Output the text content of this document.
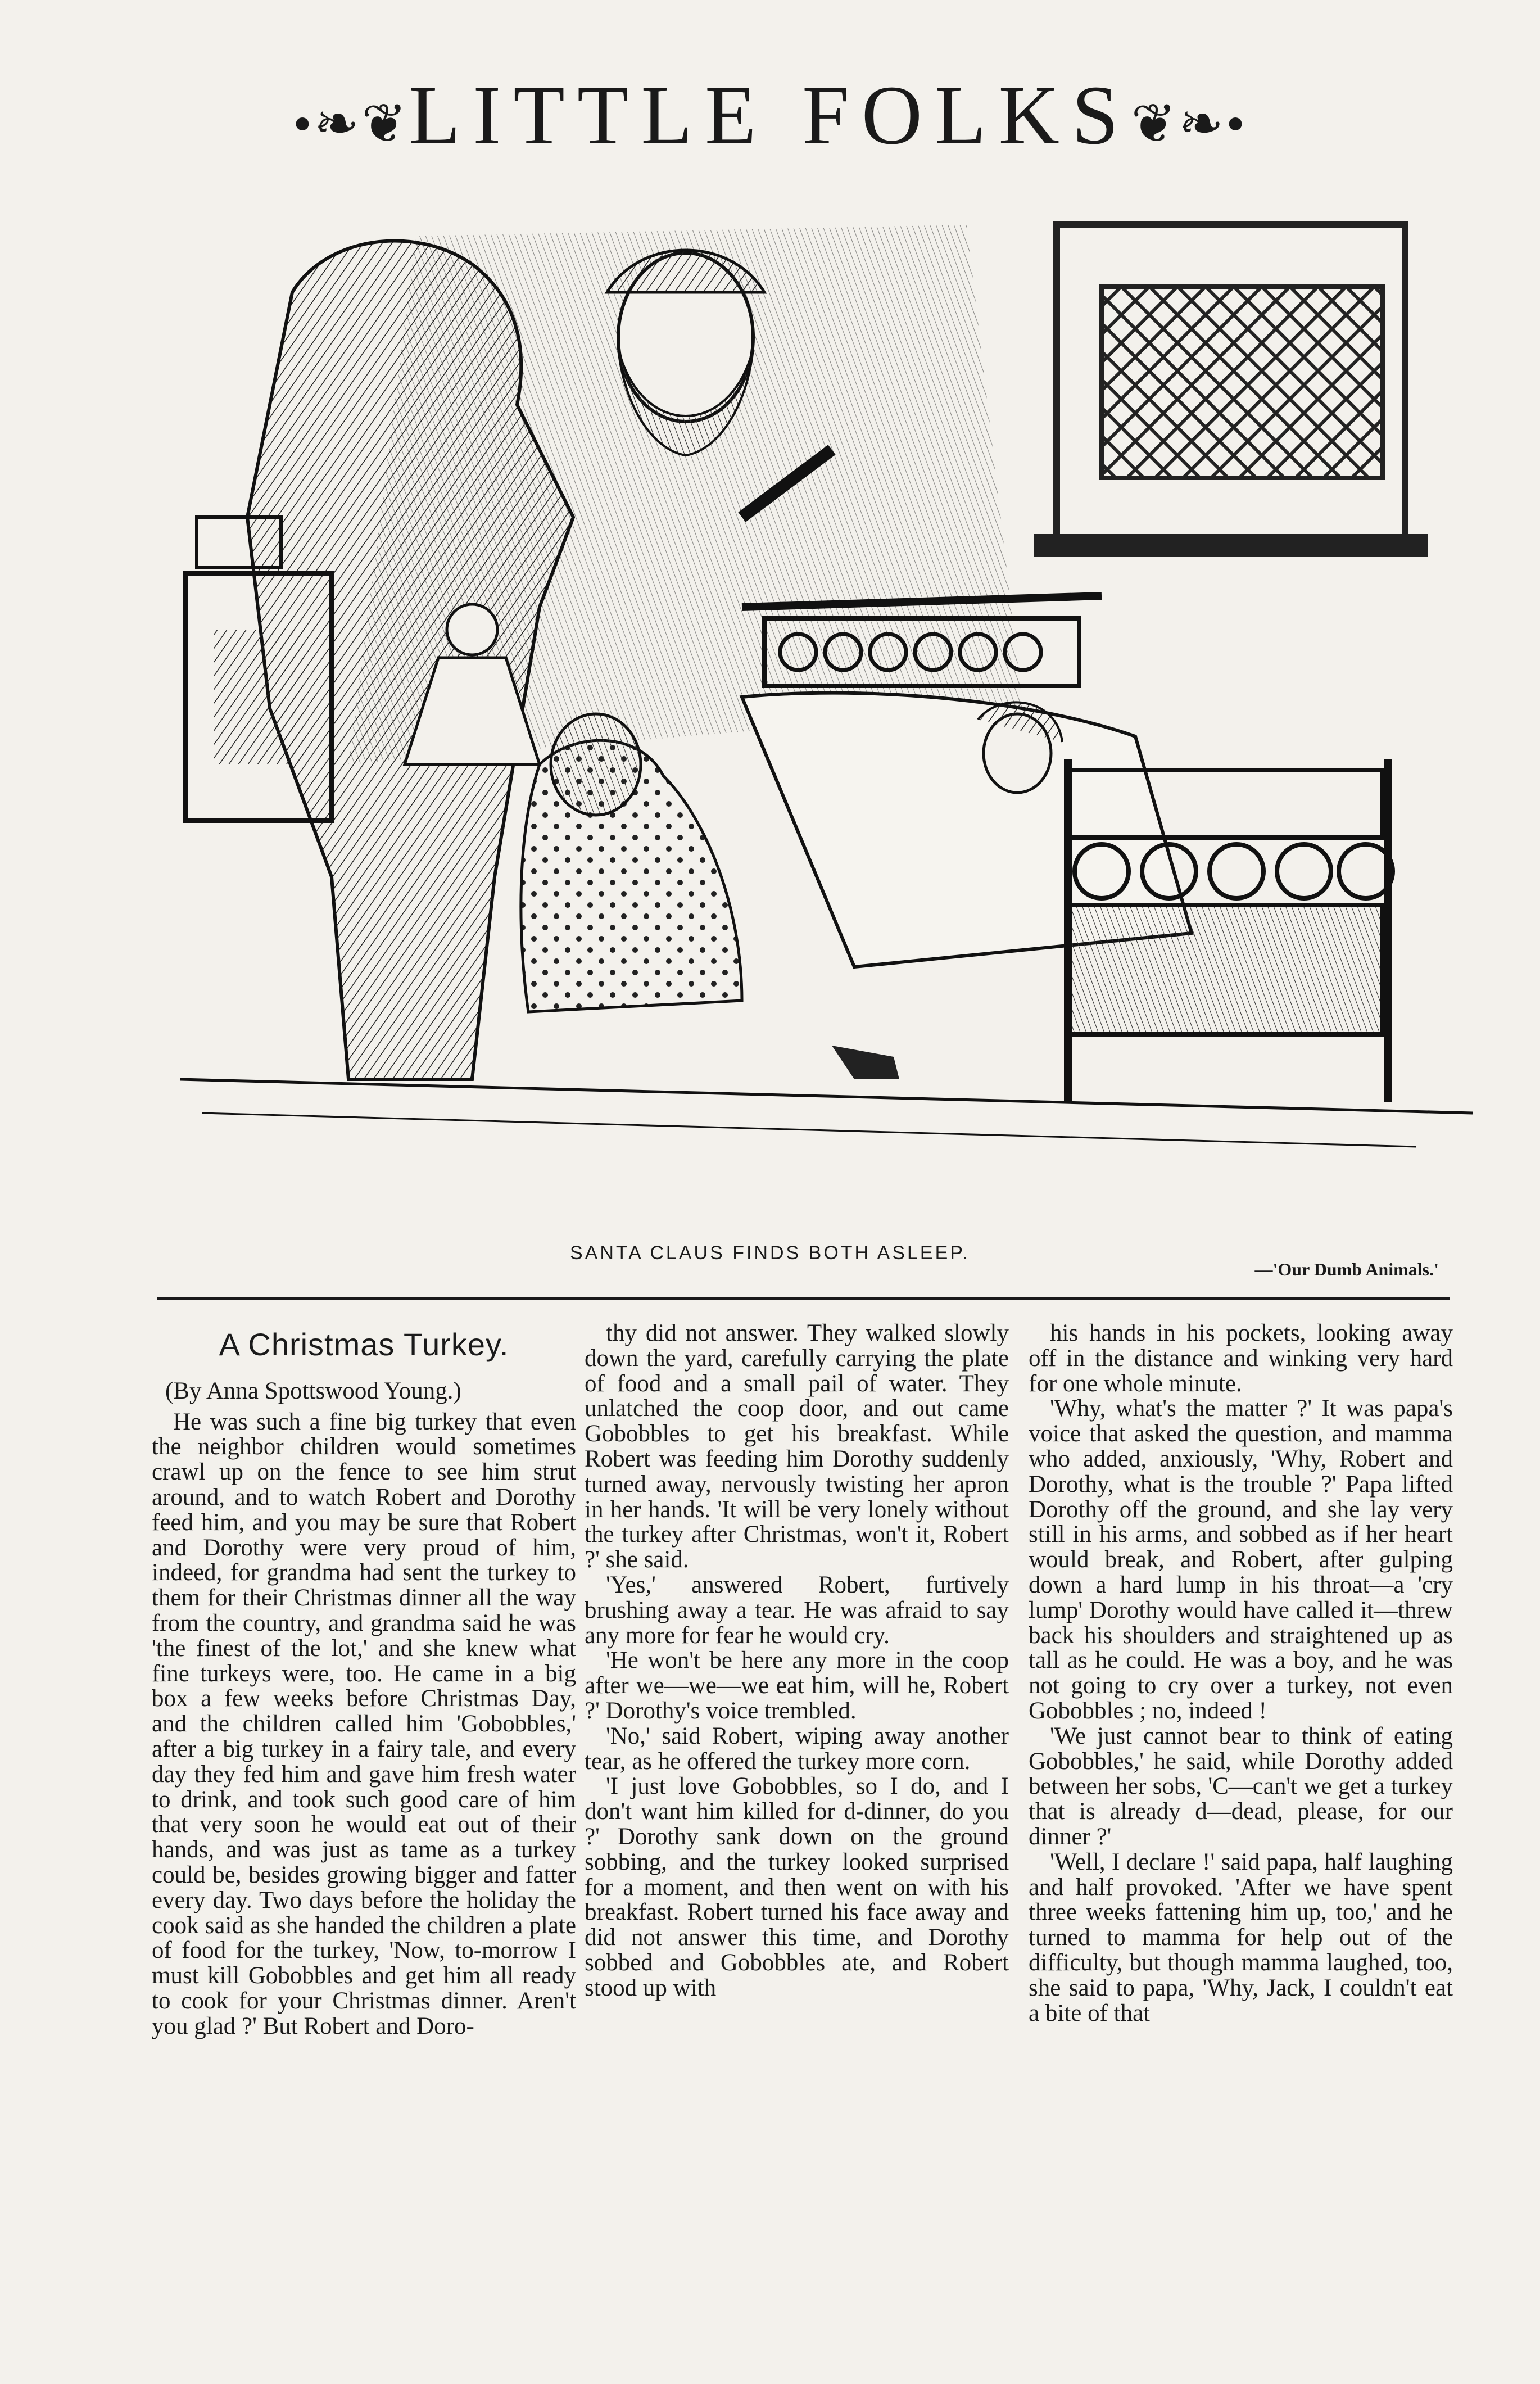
•❧❦LITTLE FOLKS❦❧•
SANTA CLAUS FINDS BOTH ASLEEP.
—'Our Dumb Animals.'
A Christmas Turkey.

(By Anna Spottswood Young.)

He was such a fine big turkey that even the neighbor children would sometimes crawl up on the fence to see him strut around, and to watch Robert and Dorothy feed him, and you may be sure that Robert and Dorothy were very proud of him, indeed, for grandma had sent the turkey to them for their Christmas dinner all the way from the country, and grandma said he was 'the finest of the lot,' and she knew what fine turkeys were, too. He came in a big box a few weeks before Christmas Day, and the children called him 'Gobobbles,' after a big turkey in a fairy tale, and every day they fed him and gave him fresh water to drink, and took such good care of him that very soon he would eat out of their hands, and was just as tame as a turkey could be, besides growing bigger and fatter every day. Two days before the holiday the cook said as she handed the children a plate of food for the turkey, 'Now, to-morrow I must kill Gobobbles and get him all ready to cook for your Christmas dinner. Aren't you glad ?' But Robert and Doro-

thy did not answer. They walked slowly down the yard, carefully carrying the plate of food and a small pail of water. They unlatched the coop door, and out came Gobobbles to get his breakfast. While Robert was feeding him Dorothy suddenly turned away, nervously twisting her apron in her hands. 'It will be very lonely without the turkey after Christmas, won't it, Robert ?' she said.

'Yes,' answered Robert, furtively brushing away a tear. He was afraid to say any more for fear he would cry.

'He won't be here any more in the coop after we—we—we eat him, will he, Robert ?' Dorothy's voice trembled.

'No,' said Robert, wiping away another tear, as he offered the turkey more corn.

'I just love Gobobbles, so I do, and I don't want him killed for d-dinner, do you ?' Dorothy sank down on the ground sobbing, and the turkey looked surprised for a moment, and then went on with his breakfast. Robert turned his face away and did not answer this time, and Dorothy sobbed and Gobobbles ate, and Robert stood up with

his hands in his pockets, looking away off in the distance and winking very hard for one whole minute.

'Why, what's the matter ?' It was papa's voice that asked the question, and mamma who added, anxiously, 'Why, Robert and Dorothy, what is the trouble ?' Papa lifted Dorothy off the ground, and she lay very still in his arms, and sobbed as if her heart would break, and Robert, after gulping down a hard lump in his throat—a 'cry lump' Dorothy would have called it—threw back his shoulders and straightened up as tall as he could. He was a boy, and he was not going to cry over a turkey, not even Gobobbles ; no, indeed !

'We just cannot bear to think of eating Gobobbles,' he said, while Dorothy added between her sobs, 'C—can't we get a turkey that is already d—dead, please, for our dinner ?'

'Well, I declare !' said papa, half laughing and half provoked. 'After we have spent three weeks fattening him up, too,' and he turned to mamma for help out of the difficulty, but though mamma laughed, too, she said to papa, 'Why, Jack, I couldn't eat a bite of that
